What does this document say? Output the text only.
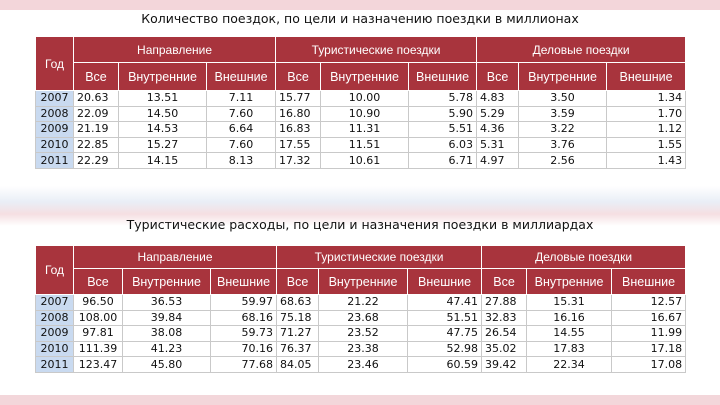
Количество поездок, по цели и назначению поездки в миллионах
Год	Направление			Туристические поездки			Деловые поездки		
	Все	Внутренние	Внешние	Все	Внутренние	Внешние	Все	Внутренние	Внешние
2007	20.63	13.51	7.11	15.77	10.00	5.78	4.83	3.50	1.34
2008	22.09	14.50	7.60	16.80	10.90	5.90	5.29	3.59	1.70
2009	21.19	14.53	6.64	16.83	11.31	5.51	4.36	3.22	1.12
2010	22.85	15.27	7.60	17.55	11.51	6.03	5.31	3.76	1.55
2011	22.29	14.15	8.13	17.32	10.61	6.71	4.97	2.56	1.43
Туристические расходы, по цели и назначения поездки в миллиардах
Год	Направление			Туристические поездки			Деловые поездки		
	Все	Внутренние	Внешние	Все	Внутренние	Внешние	Все	Внутренние	Внешние
2007	96.50	36.53	59.97	68.63	21.22	47.41	27.88	15.31	12.57
2008	108.00	39.84	68.16	75.18	23.68	51.51	32.83	16.16	16.67
2009	97.81	38.08	59.73	71.27	23.52	47.75	26.54	14.55	11.99
2010	111.39	41.23	70.16	76.37	23.38	52.98	35.02	17.83	17.18
2011	123.47	45.80	77.68	84.05	23.46	60.59	39.42	22.34	17.08
